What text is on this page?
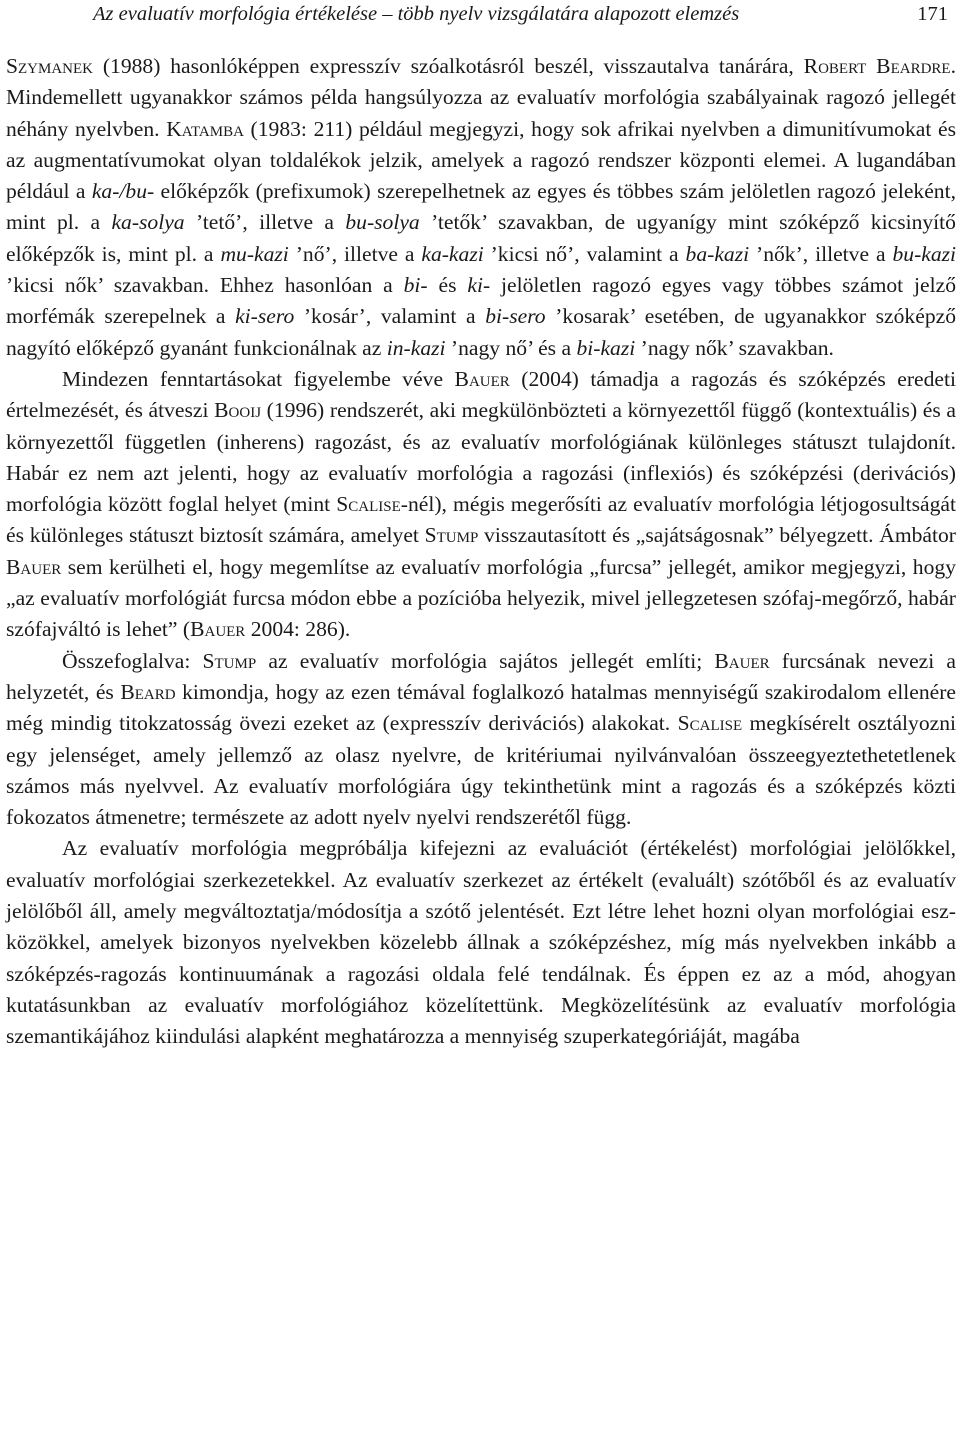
Az evaluatív morfológia értékelése – több nyelv vizsgálatára alapozott elemzés	171

Szymanek (1988) hasonlóképpen expresszív szóalkotásról beszél, visszautalva tanárára, Robert Beardre. Mindemellett ugyanakkor számos példa hangsúlyozza az evaluatív morfológia szabályainak ragozó jellegét néhány nyelvben. Katamba (1983: 211) például megjegyzi, hogy sok afrikai nyelvben a dimunitívumokat és az augmentatívumokat olyan toldalékok jelzik, amelyek a ragozó rendszer központi elemei. A lugandában például a ka-/bu- előképzők (prefixumok) szerepelhetnek az egyes és többes szám jelöletlen ragozó jeleként, mint pl. a ka-solya ’tető’, illetve a bu-solya ’tetők’ szavakban, de ugyanígy mint szóképző kicsinyítő előképzők is, mint pl. a mu-kazi ’nő’, illetve a ka-kazi ’kicsi nő’, valamint a ba-kazi ’nők’, illetve a bu-kazi ’kicsi nők’ szavakban. Ehhez hasonlóan a bi- és ki- jelöletlen ragozó egyes vagy többes számot jelző morfémák szerepelnek a ki-sero ’kosár’, valamint a bi-sero ’kosarak’ esetében, de ugyanakkor szóképző nagyító előképző gyanánt funkcionálnak az in-kazi ’nagy nő’ és a bi-kazi ’nagy nők’ szavakban.

Mindezen fenntartásokat figyelembe véve Bauer (2004) támadja a ragozás és szóképzés eredeti értelmezését, és átveszi Booij (1996) rendszerét, aki megkülönbözteti a környezettől függő (kontextuális) és a környezettől független (inherens) ragozást, és az evaluatív morfológiának különleges státuszt tulajdonít. Habár ez nem azt jelenti, hogy az evaluatív morfológia a ragozási (inflexiós) és szóképzési (derivációs) morfológia között foglal helyet (mint Scalise-nél), mégis megerősíti az evaluatív morfológia létjogosultságát és különleges státuszt biztosít számára, amelyet Stump visszautasított és „sajátságosnak” bélyegzett. Ámbátor Bauer sem kerülheti el, hogy megemlítse az evaluatív morfológia „furcsa” jellegét, amikor megjegyzi, hogy „az evaluatív morfológiát furcsa módon ebbe a pozícióba helyezik, mivel jellegzetesen szófaj-megőrző, habár szófajváltó is lehet” (Bauer 2004: 286).

Összefoglalva: Stump az evaluatív morfológia sajátos jellegét említi; Bauer furcsának nevezi a helyzetét, és Beard kimondja, hogy az ezen témával foglalkozó hatalmas mennyiségű szakirodalom ellenére még mindig titokzatosság övezi ezeket az (expresszív derivációs) alakokat. Scalise megkísérelt osztályozni egy jelenséget, amely jellemző az olasz nyelvre, de kritériumai nyilvánvalóan összeegyeztethetetlenek számos más nyelvvel. Az evaluatív morfológiára úgy tekinthetünk mint a ragozás és a szóképzés közti fokozatos átmenetre; természete az adott nyelv nyelvi rendszerétől függ.

Az evaluatív morfológia megpróbálja kifejezni az evaluációt (értékelést) morfológiai jelölőkkel, evaluatív morfológiai szerkezetekkel. Az evaluatív szerkezet az értékelt (evaluált) szótőből és az evaluatív jelölőből áll, amely megváltoztatja/módosítja a szótő jelentését. Ezt létre lehet hozni olyan morfológiai eszközökkel, amelyek bizonyos nyelvekben közelebb állnak a szóképzéshez, míg más nyelvekben inkább a szóképzés-ragozás kontinuumának a ragozási oldala felé tendálnak. És éppen ez az a mód, ahogyan kutatásunkban az evaluatív morfológiához közelítettünk. Megközelítésünk az evaluatív morfológia szemantikájához kiindulási alapként meghatározza a mennyiség szuperkategóriáját, magába
